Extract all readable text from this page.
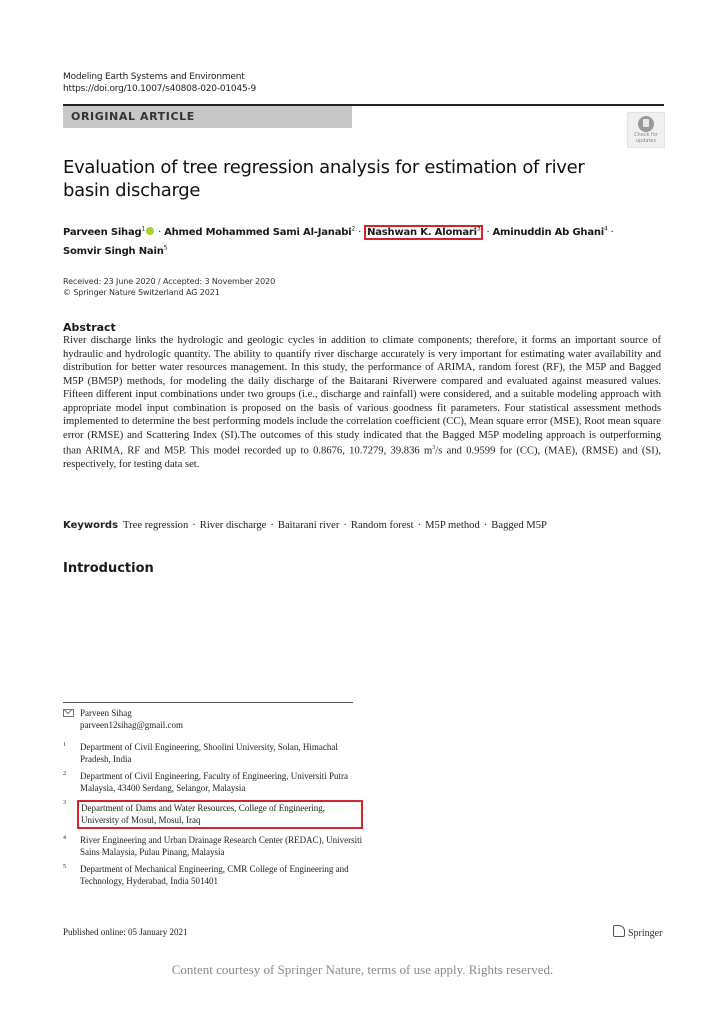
Modeling Earth Systems and Environment
https://doi.org/10.1007/s40808-020-01045-9
ORIGINAL ARTICLE
Check for
updates
Evaluation of tree regression analysis for estimation of river basin discharge
Parveen Sihag$^1$ · Ahmed Mohammed Sami Al-Janabi$^2$ · Nashwan K. Alomari$^3$ · Aminuddin Ab Ghani$^4$ ·
Somvir Singh Nain$^5$
Received: 23 June 2020 / Accepted: 3 November 2020
© Springer Nature Switzerland AG 2021
Abstract

River discharge links the hydrologic and geologic cycles in addition to climate components; therefore, it forms an important source of hydraulic and hydrologic quantity. The ability to quantify river discharge accurately is very important for estimating water availability and distribution for better water resources management. In this study, the performance of ARIMA, random forest (RF), the M5P and Bagged M5P (BM5P) methods, for modeling the daily discharge of the Baitarani Riverwere compared and evaluated against measured values. Fifteen different input combinations under two groups (i.e., discharge and rainfall) were considered, and a suitable modeling approach with appropriate model input combination is proposed on the basis of various goodness fit parameters. Four statistical assessment methods implemented to determine the best performing models include the correlation coefficient (CC), Mean square error (MSE), Root mean square error (RMSE) and Scattering Index (SI).The outcomes of this study indicated that the Bagged M5P modeling approach is outperforming than ARIMA, RF and M5P. This model recorded up to 0.8676, 10.7279, 39.836 $m^3/s$ and 0.9599 for (CC), (MAE), (RMSE) and (SI), respectively, for testing data set.

Keywords Tree regression · River discharge · Baitarani river · Random forest · M5P method · Bagged M5P
Introduction
Parveen Sihag
parveen12sihag@gmail.com
1 Department of Civil Engineering, Shoolini University, Solan, Himachal Pradesh, India
2 Department of Civil Engineering, Faculty of Engineering, Universiti Putra Malaysia, 43400 Serdang, Selangor, Malaysia
3 Department of Dams and Water Resources, College of Engineering, University of Mosul, Mosul, Iraq
4 River Engineering and Urban Drainage Research Center (REDAC), Universiti Sains Malaysia, Pulau Pinang, Malaysia
5 Department of Mechanical Engineering, CMR College of Engineering and Technology, Hyderabad, India 501401
Published online: 05 January 2021	Springer
Content courtesy of Springer Nature, terms of use apply. Rights reserved.
